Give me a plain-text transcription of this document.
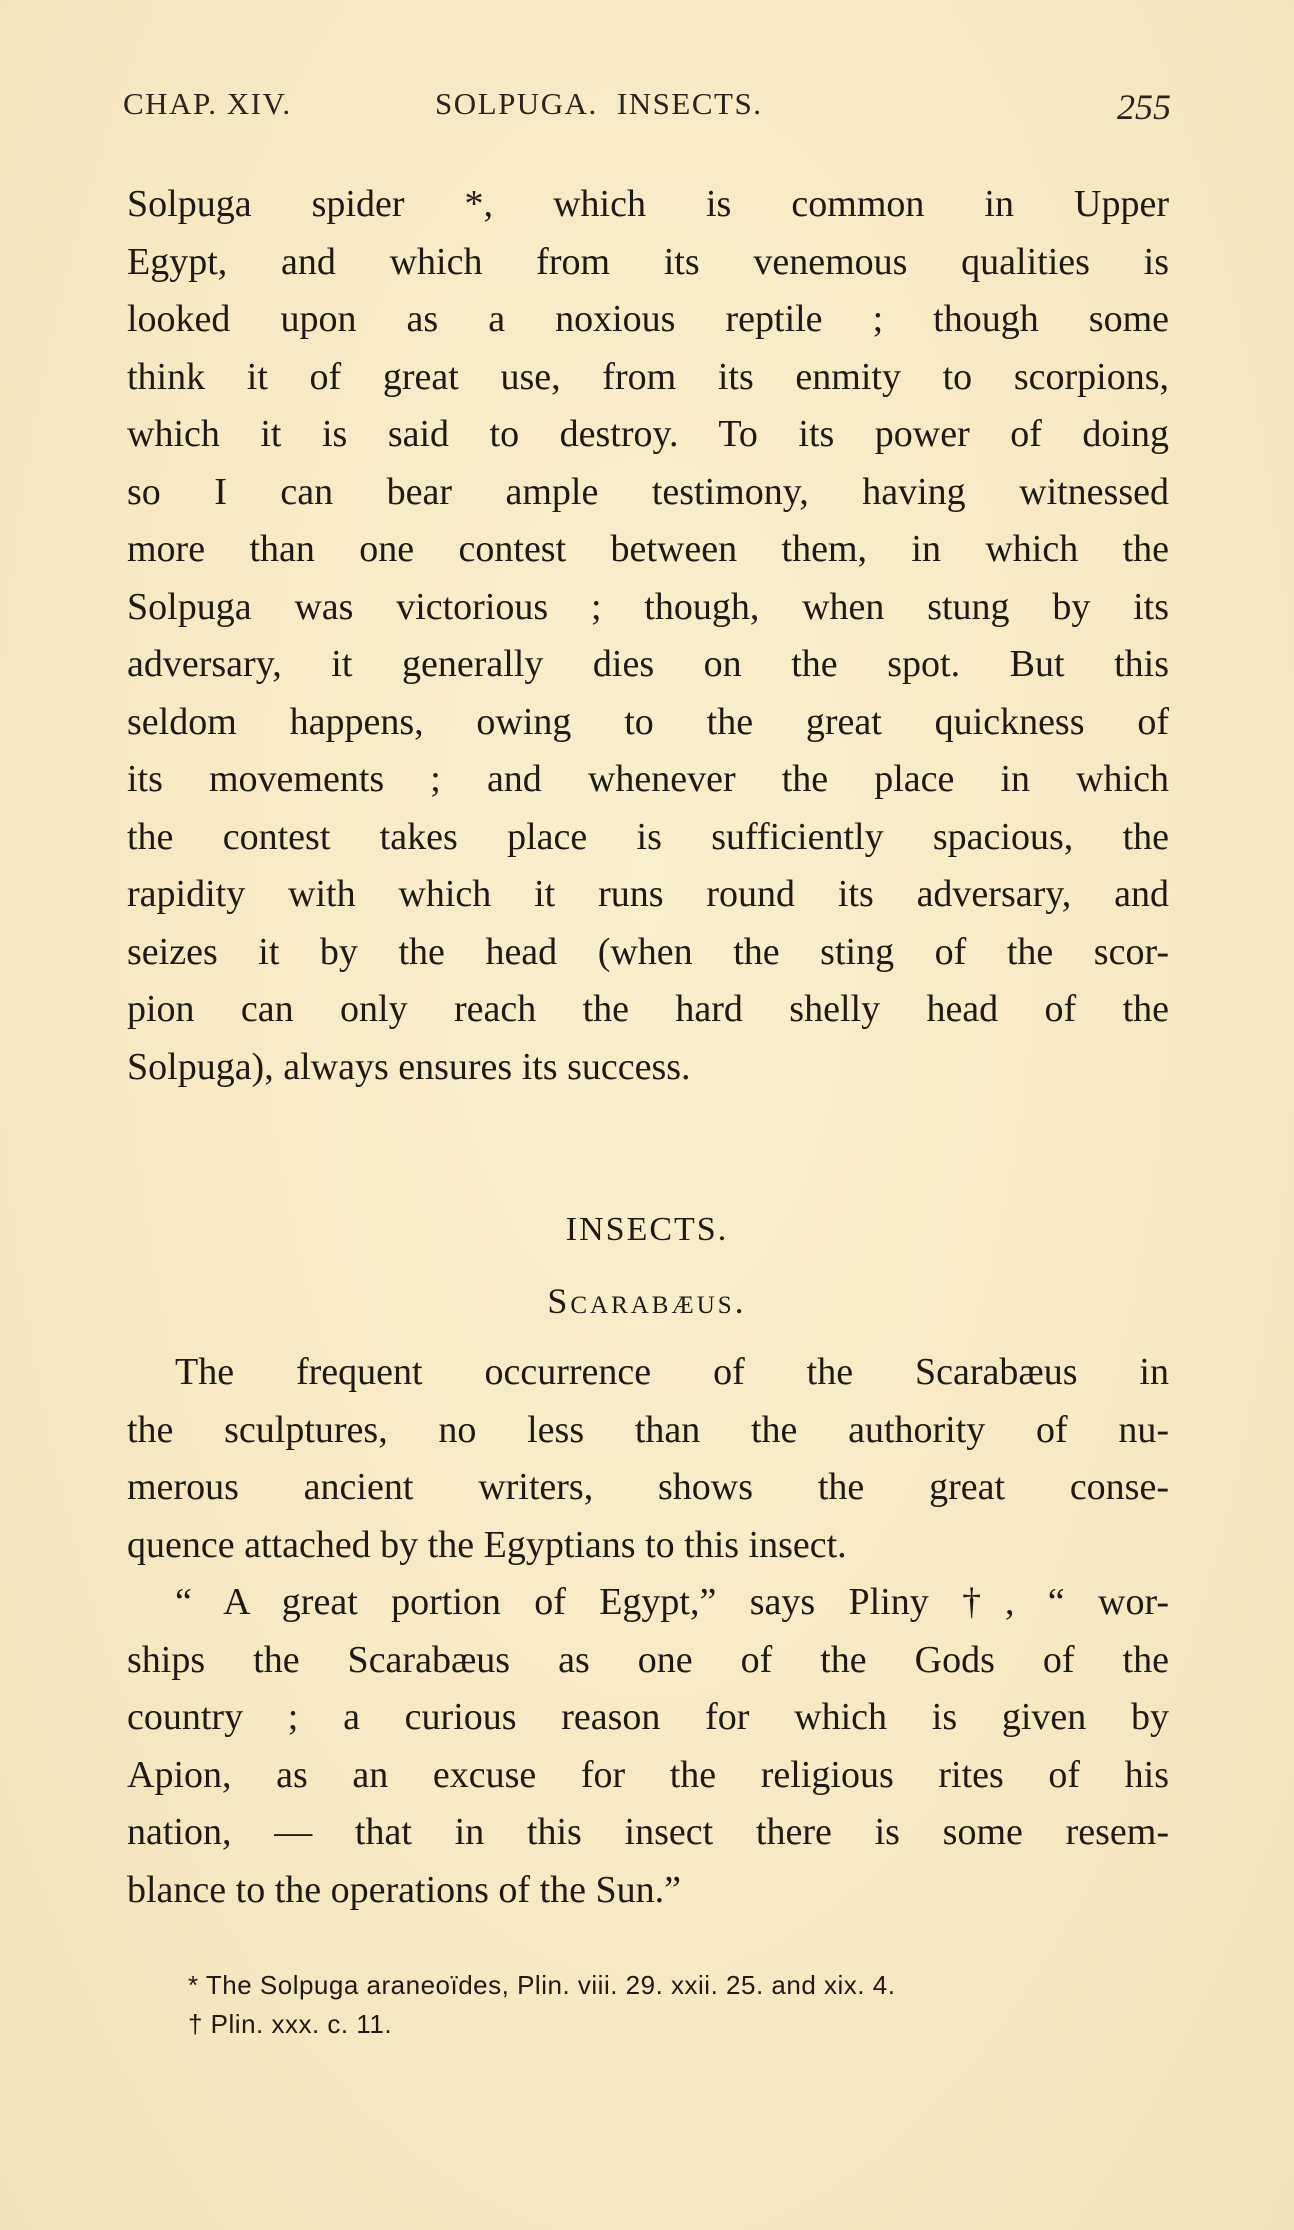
CHAP. XIV.	SOLPUGA. INSECTS.	255
Solpuga spider *, which is common in Upper
Egypt, and which from its venemous qualities is
looked upon as a noxious reptile ; though some
think it of great use, from its enmity to scorpions,
which it is said to destroy. To its power of doing
so I can bear ample testimony, having witnessed
more than one contest between them, in which the
Solpuga was victorious ; though, when stung by its
adversary, it generally dies on the spot. But this
seldom happens, owing to the great quickness of
its movements ; and whenever the place in which
the contest takes place is sufficiently spacious, the
rapidity with which it runs round its adversary, and
seizes it by the head (when the sting of the scor-
pion can only reach the hard shelly head of the
Solpuga), always ensures its success.
INSECTS.
Scarabæus.
The frequent occurrence of the Scarabæus in
the sculptures, no less than the authority of nu-
merous ancient writers, shows the great conse-
quence attached by the Egyptians to this insect.
“ A great portion of Egypt,” says Pliny †, “ wor-
ships the Scarabæus as one of the Gods of the
country ; a curious reason for which is given by
Apion, as an excuse for the religious rites of his
nation, — that in this insect there is some resem-
blance to the operations of the Sun.”
* The Solpuga araneoïdes, Plin. viii. 29. xxii. 25. and xix. 4.
† Plin. xxx. c. 11.
